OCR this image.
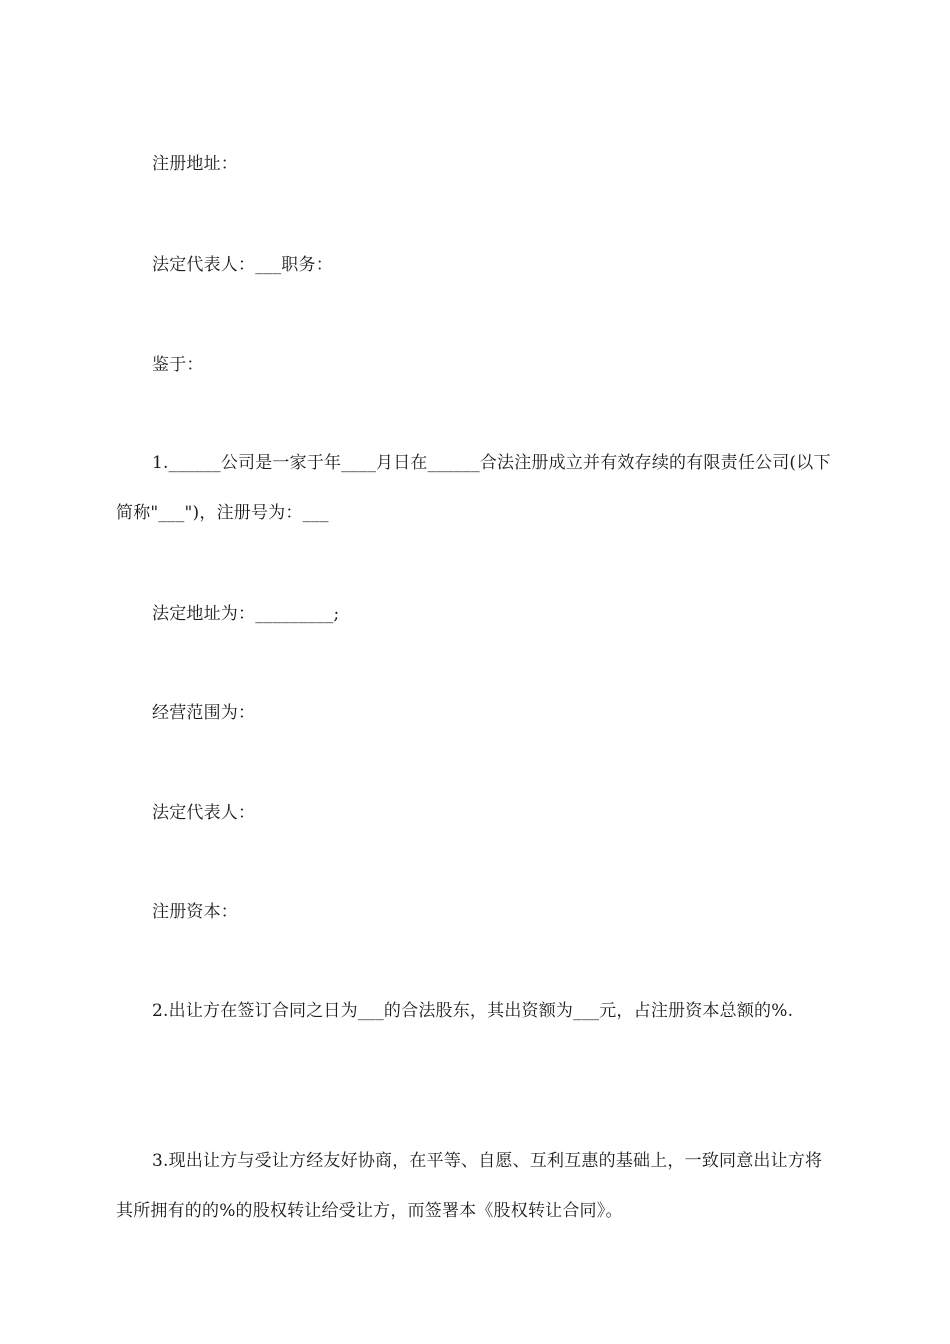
注册地址：

法定代表人：___职务：

鉴于：

1.______公司是一家于年____月日在______合法注册成立并有效存续的有限责任公司(以下简称"___")，注册号为：___

法定地址为：_________;

经营范围为：

法定代表人：

注册资本：

2.出让方在签订合同之日为___的合法股东，其出资额为___元，占注册资本总额的%.

3.现出让方与受让方经友好协商，在平等、自愿、互利互惠的基础上，一致同意出让方将其所拥有的的%的股权转让给受让方，而签署本《股权转让合同》。
